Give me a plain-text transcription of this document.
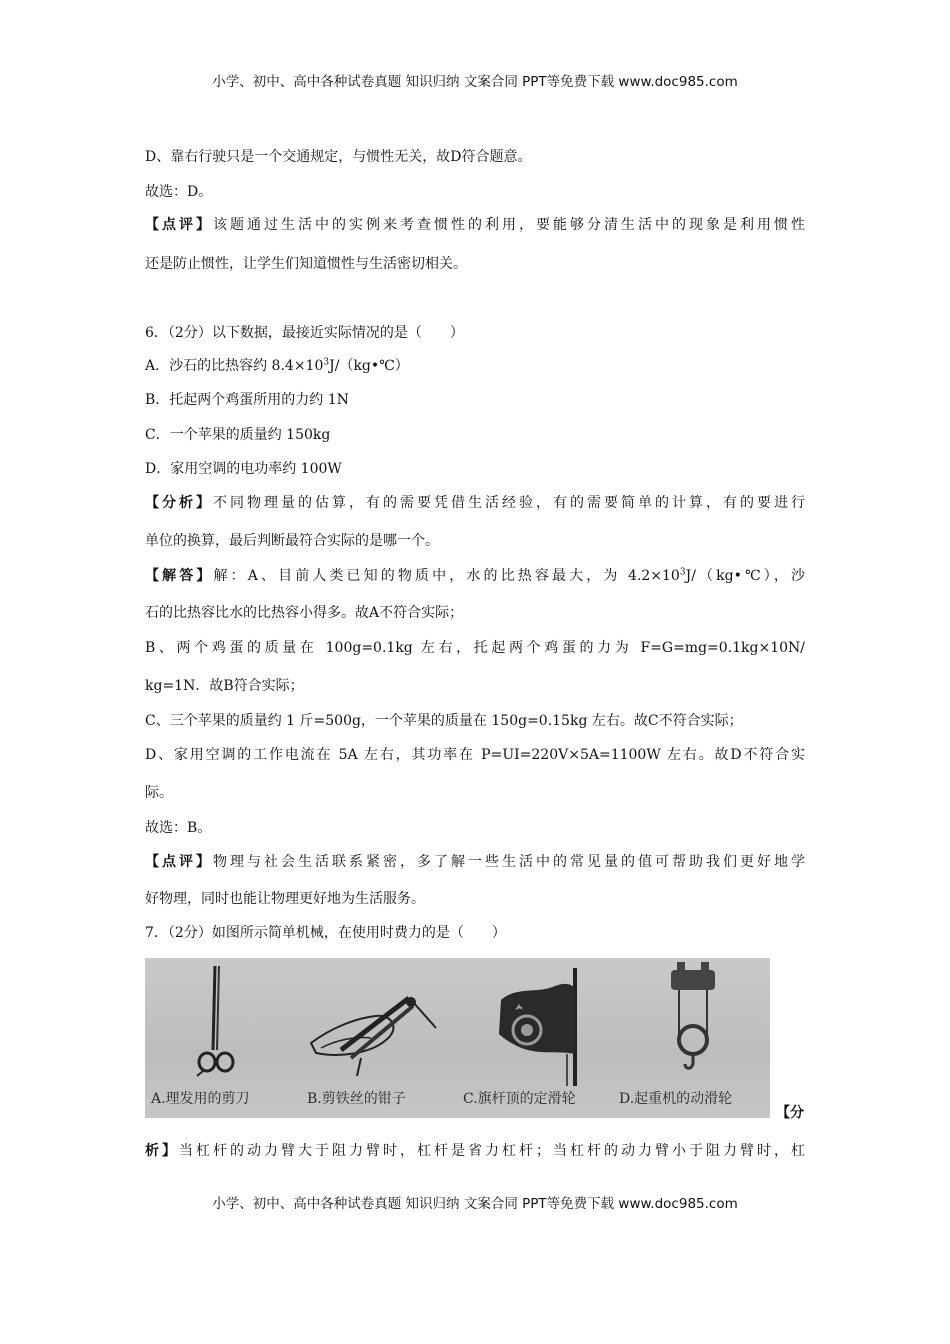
小学、初中、高中各种试卷真题 知识归纳 文案合同 PPT等免费下载 www.doc985.com
D、靠右行驶只是一个交通规定，与惯性无关，故D符合题意。
故选：D。
【点评】该题通过生活中的实例来考查惯性的利用，要能够分清生活中的现象是利用惯性
还是防止惯性，让学生们知道惯性与生活密切相关。
6．（2分）以下数据，最接近实际情况的是（　　）
A．沙石的比热容约 $8.4\times 10^3J/(kg•℃)$
B．托起两个鸡蛋所用的力约 1N
C．一个苹果的质量约 150kg
D．家用空调的电功率约 100W
【分析】不同物理量的估算，有的需要凭借生活经验，有的需要简单的计算，有的要进行
单位的换算，最后判断最符合实际的是哪一个。
【解答】解：A、目前人类已知的物质中，水的比热容最大，为 $4.2\times 10^3J/(kg•℃)$，沙
石的比热容比水的比热容小得多。故A不符合实际；
B、两个鸡蛋的质量在 100g=0.1kg 左右，托起两个鸡蛋的力为 F=G=mg=0.1kg×10N/
kg=1N．故B符合实际；
C、三个苹果的质量约 1 斤=500g，一个苹果的质量在 150g=0.15kg 左右。故C不符合实际；
D、家用空调的工作电流在 5A 左右，其功率在 P=UI=220V×5A=1100W 左右。故D不符合实
际。
故选：B。
【点评】物理与社会生活联系紧密，多了解一些生活中的常见量的值可帮助我们更好地学
好物理，同时也能让物理更好地为生活服务。
7．（2分）如图所示简单机械，在使用时费力的是（　　）
A.理发用的剪刀	B.剪铁丝的钳子	C.旗杆顶的定滑轮	D.起重机的动滑轮
【分
析】当杠杆的动力臂大于阻力臂时，杠杆是省力杠杆；当杠杆的动力臂小于阻力臂时，杠
小学、初中、高中各种试卷真题 知识归纳 文案合同 PPT等免费下载 www.doc985.com
